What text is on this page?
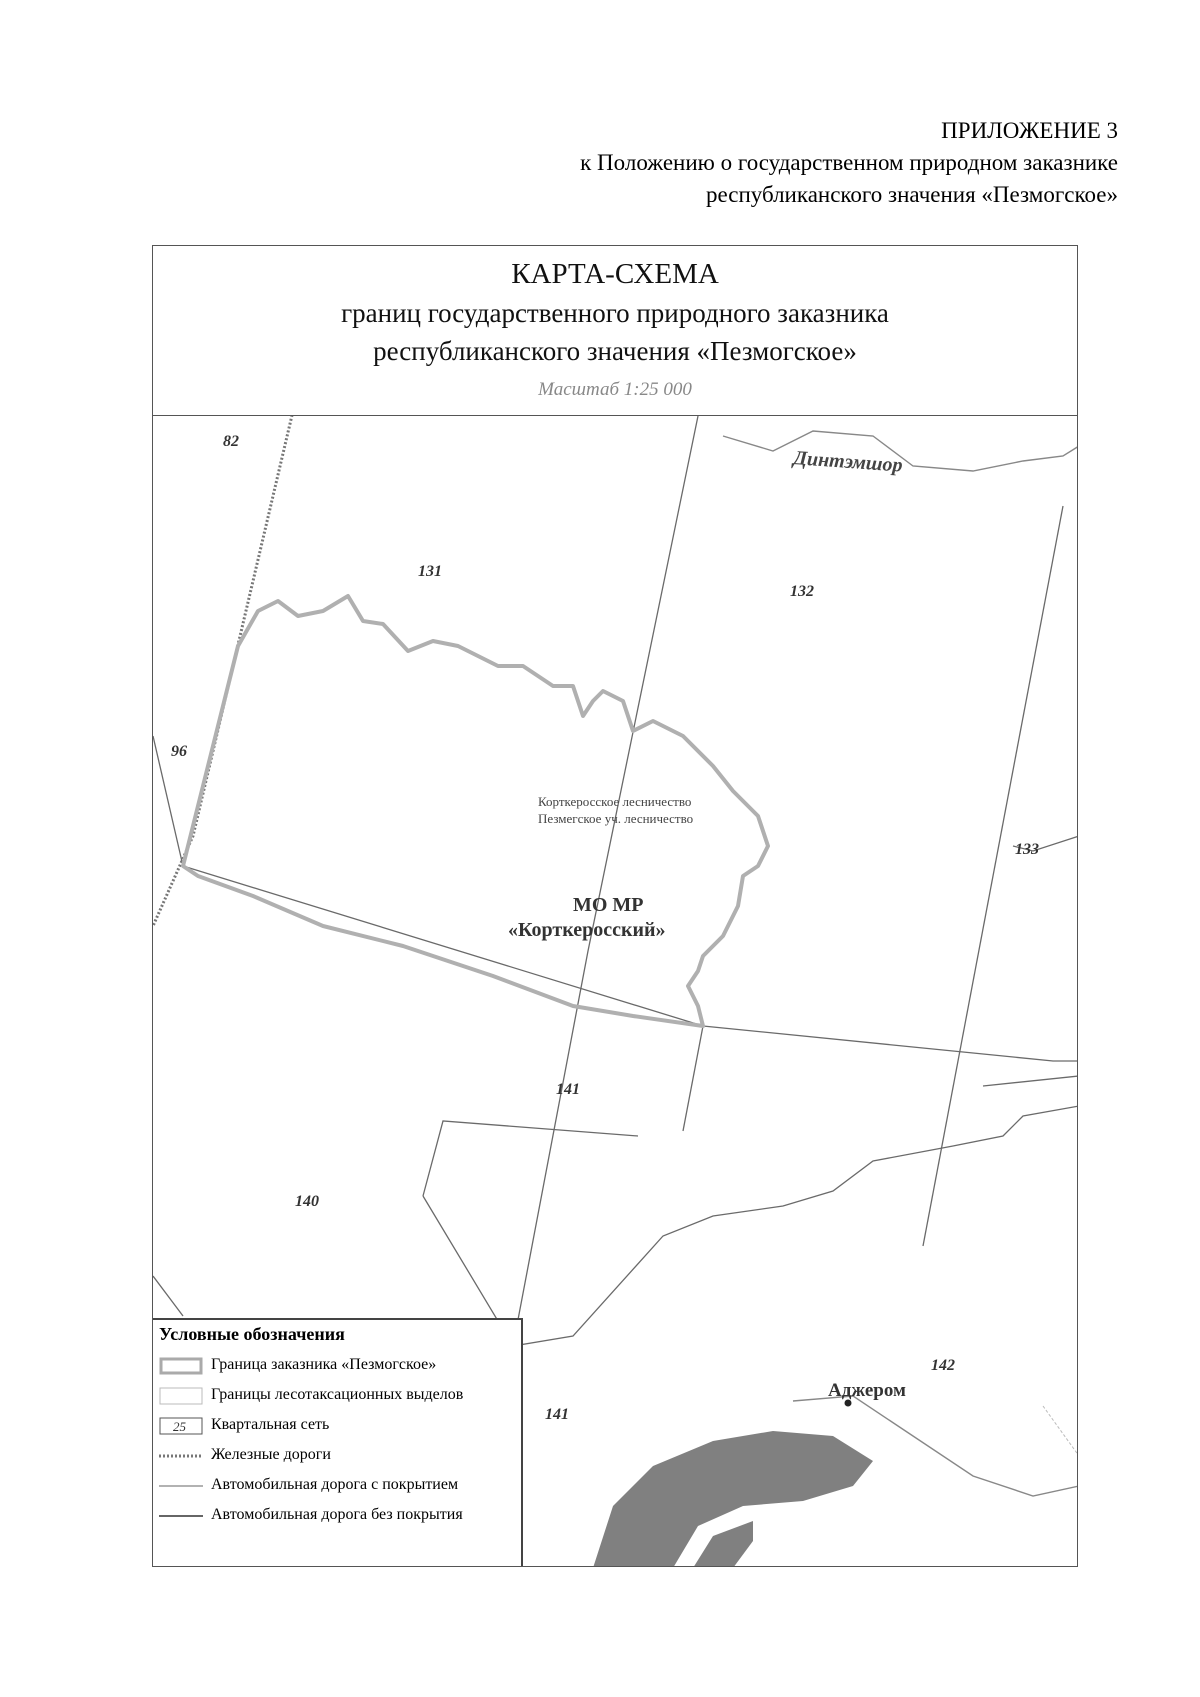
ПРИЛОЖЕНИЕ 3
к Положению о государственном природном заказнике
республиканского значения «Пезмогское»
82
131
132
96
133
141
140
141
142
Динтэмшор
Аджером
Корткеросское лесничество
Пезмегское уч. лесничество
МО МР
«Корткеросский»
КАРТА-СХЕМА
границ государственного природного заказника
республиканского значения «Пезмогское»
Масштаб 1:25 000
Условные обозначения
Граница заказника «Пезмогское»
Границы лесотаксационных выделов
25 Квартальная сеть
Железные дороги
Автомобильная дорога с покрытием
Автомобильная дорога без покрытия
